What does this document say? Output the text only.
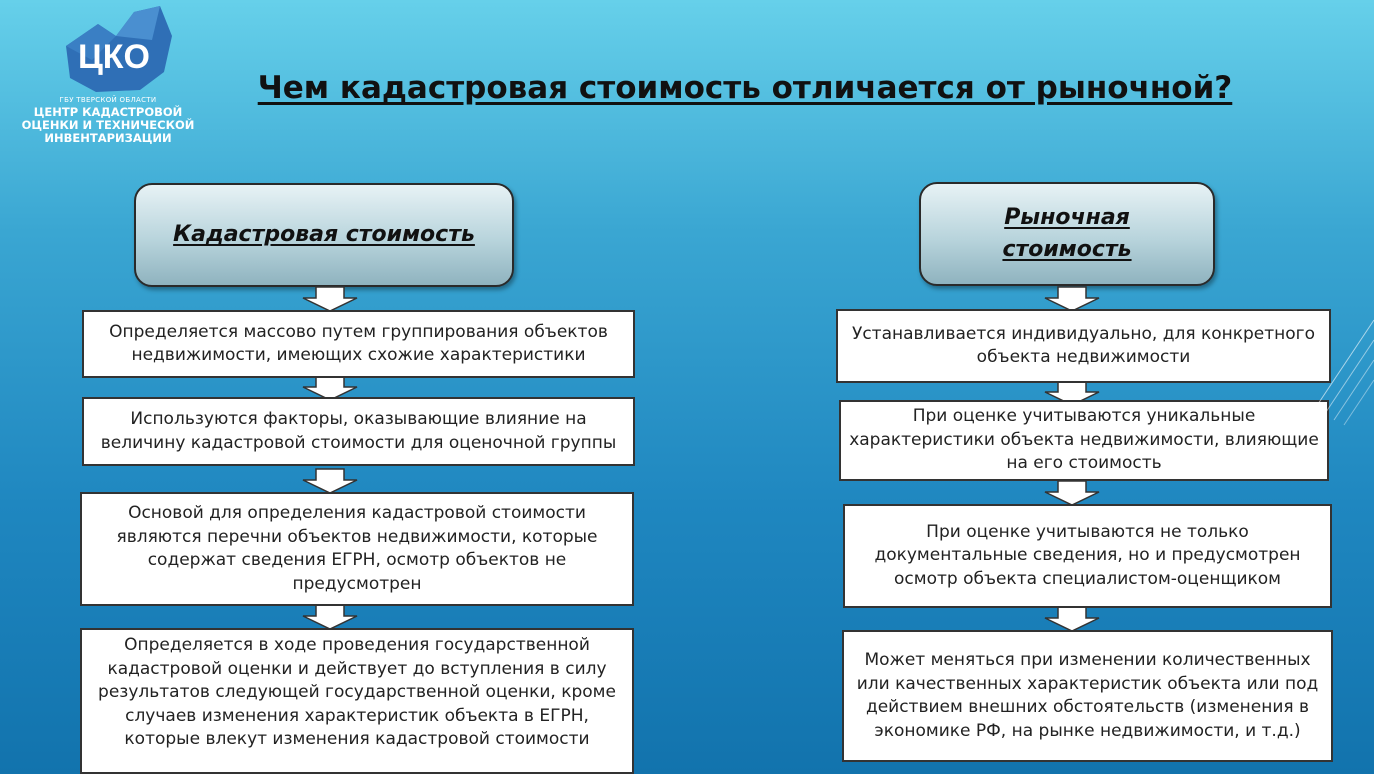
ЦКО
ГБУ ТВЕРСКОЙ ОБЛАСТИ
ЦЕНТР КАДАСТРОВОЙ
ОЦЕНКИ И ТЕХНИЧЕСКОЙ
ИНВЕНТАРИЗАЦИИ
Чем кадастровая стоимость отличается от рыночной?
Кадастровая стоимость
Рыночная стоимость

Определяется массово путем группирования объектов недвижимости, имеющих схожие характеристики

Используются факторы, оказывающие влияние на величину кадастровой стоимости для оценочной группы

Основой для определения кадастровой стоимости являются перечни объектов недвижимости, которые содержат сведения ЕГРН, осмотр объектов не предусмотрен

Определяется в ходе проведения государственной кадастровой оценки и действует до вступления в силу результатов следующей государственной оценки, кроме случаев изменения характеристик объекта в ЕГРН, которые влекут изменения кадастровой стоимости

Устанавливается индивидуально, для конкретного объекта недвижимости

При оценке учитываются уникальные характеристики объекта недвижимости, влияющие на его стоимость

При оценке учитываются не только документальные сведения, но и предусмотрен осмотр объекта специалистом-оценщиком

Может меняться при изменении количественных или качественных характеристик объекта или под действием внешних обстоятельств (изменения в экономике РФ, на рынке недвижимости, и т.д.)
